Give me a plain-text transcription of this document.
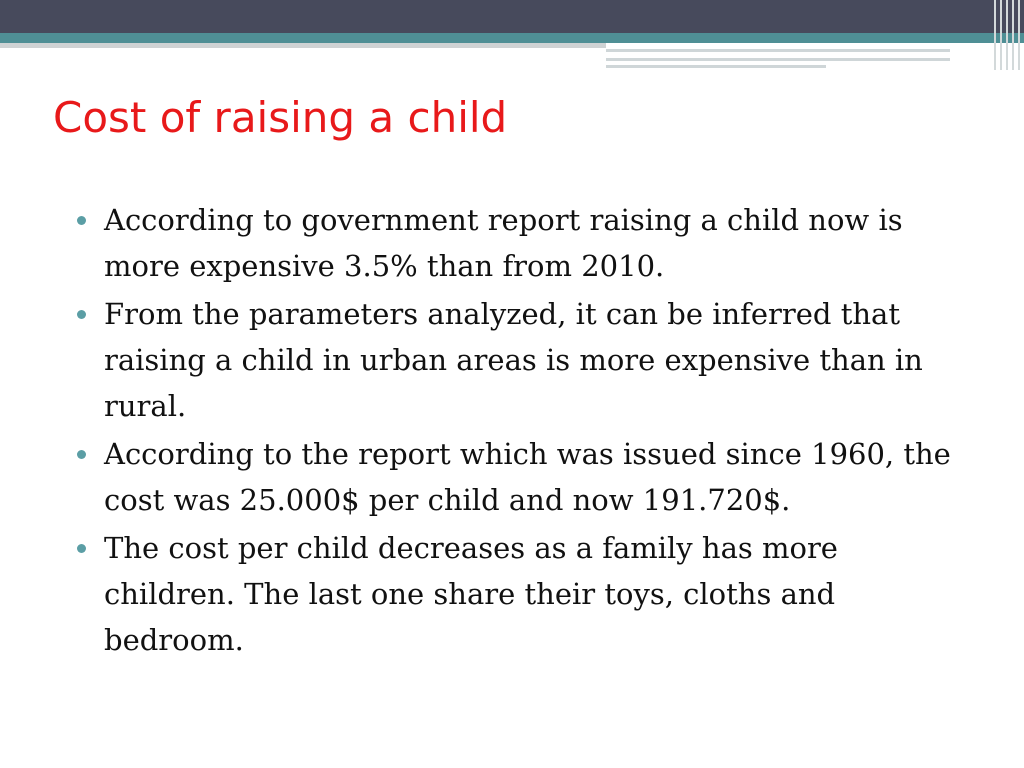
Cost of raising a child
According to government report raising a child now is more expensive 3.5% than from 2010.
From the parameters analyzed, it can be inferred that raising a child in urban areas is more expensive than in rural.
According to the report which was issued since 1960, the cost was 25.000$ per child and now 191.720$.
The cost per child decreases as a family has more children. The last one share their toys, cloths and bedroom.
